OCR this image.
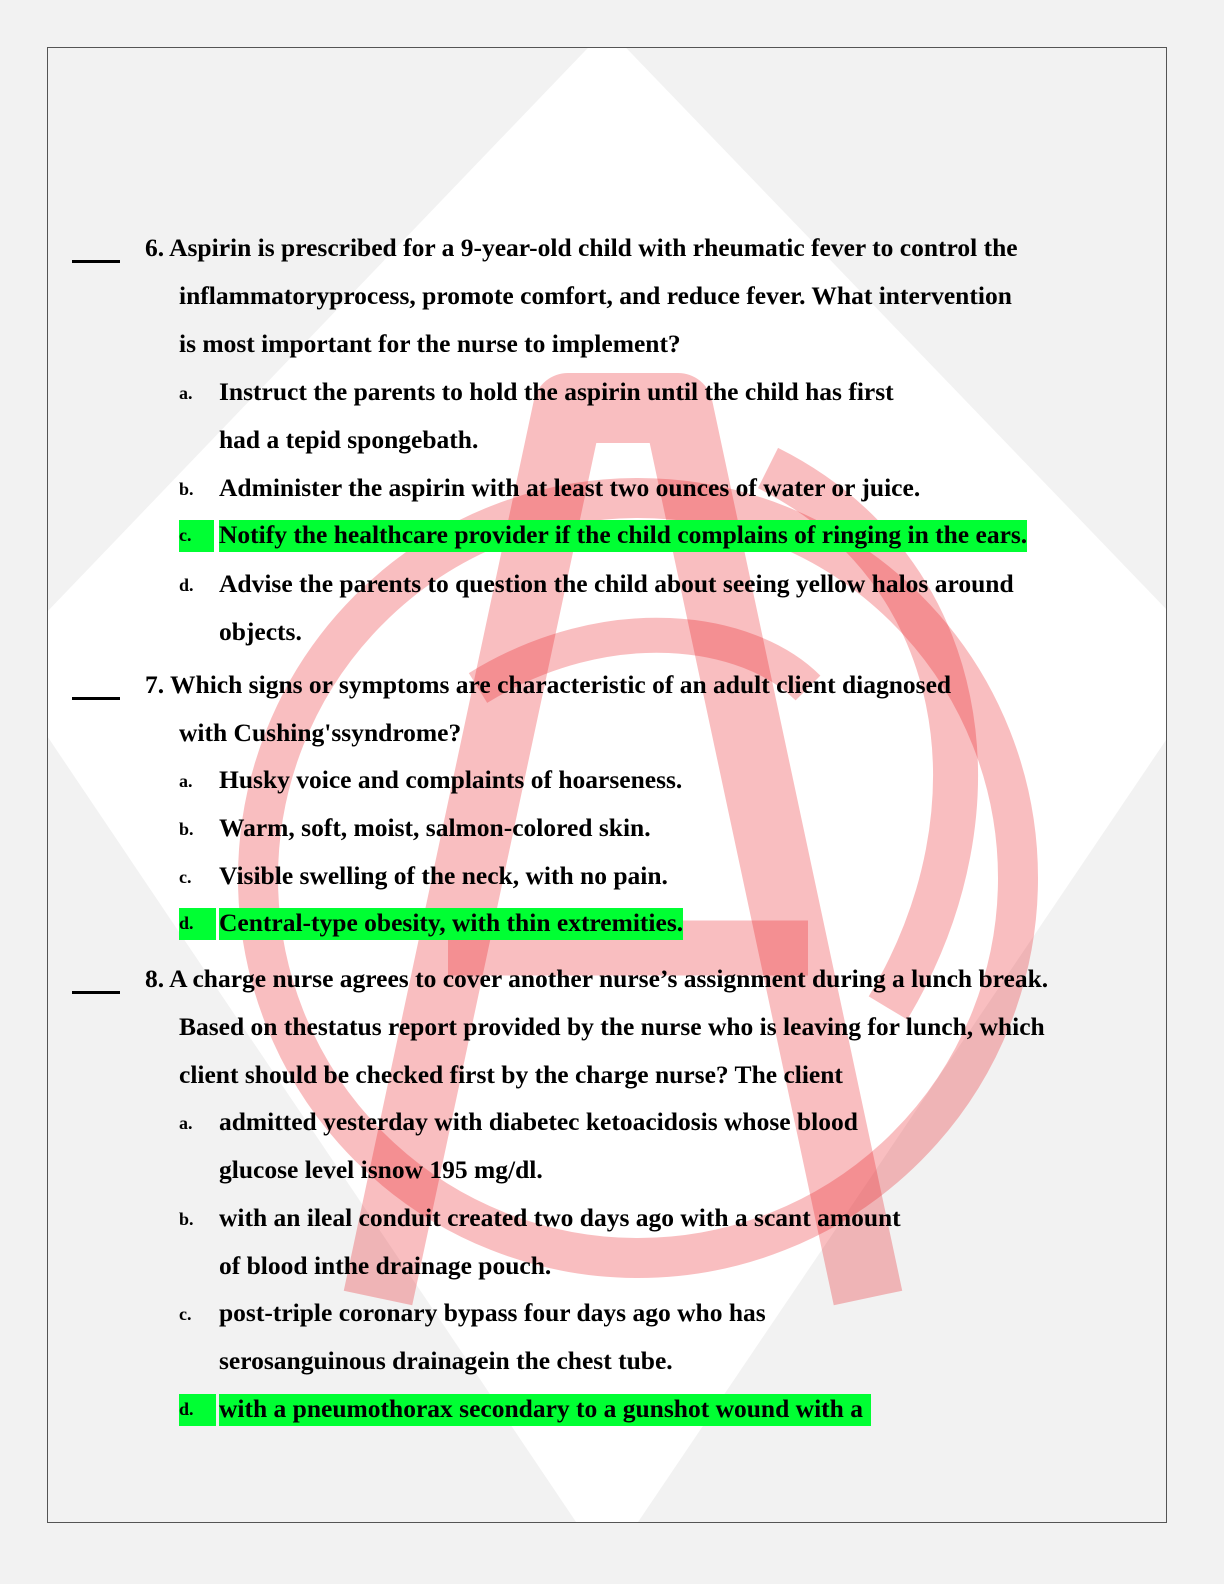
6. Aspirin is prescribed for a 9-year-old child with rheumatic fever to control the
inflammatoryprocess, promote comfort, and reduce fever. What intervention
is most important for the nurse to implement?
a. Instruct the parents to hold the aspirin until the child has first
had a tepid spongebath.
b. Administer the aspirin with at least two ounces of water or juice.
c.	Notify the healthcare provider if the child complains of ringing in the ears.
d. Advise the parents to question the child about seeing yellow halos around
objects.
7. Which signs or symptoms are characteristic of an adult client diagnosed
with Cushing'ssyndrome?
a. Husky voice and complaints of hoarseness.
b. Warm, soft, moist, salmon-colored skin.
c. Visible swelling of the neck, with no pain.
d. Central-type obesity, with thin extremities.
8. A charge nurse agrees to cover another nurse’s assignment during a lunch break.
Based on thestatus report provided by the nurse who is leaving for lunch, which
client should be checked first by the charge nurse? The client
a. admitted yesterday with diabetec ketoacidosis whose blood
glucose level isnow 195 mg/dl.
b. with an ileal conduit created two days ago with a scant amount
of blood inthe drainage pouch.
c. post-triple coronary bypass four days ago who has
serosanguinous drainagein the chest tube.
d. with a pneumothorax secondary to a gunshot wound with a
